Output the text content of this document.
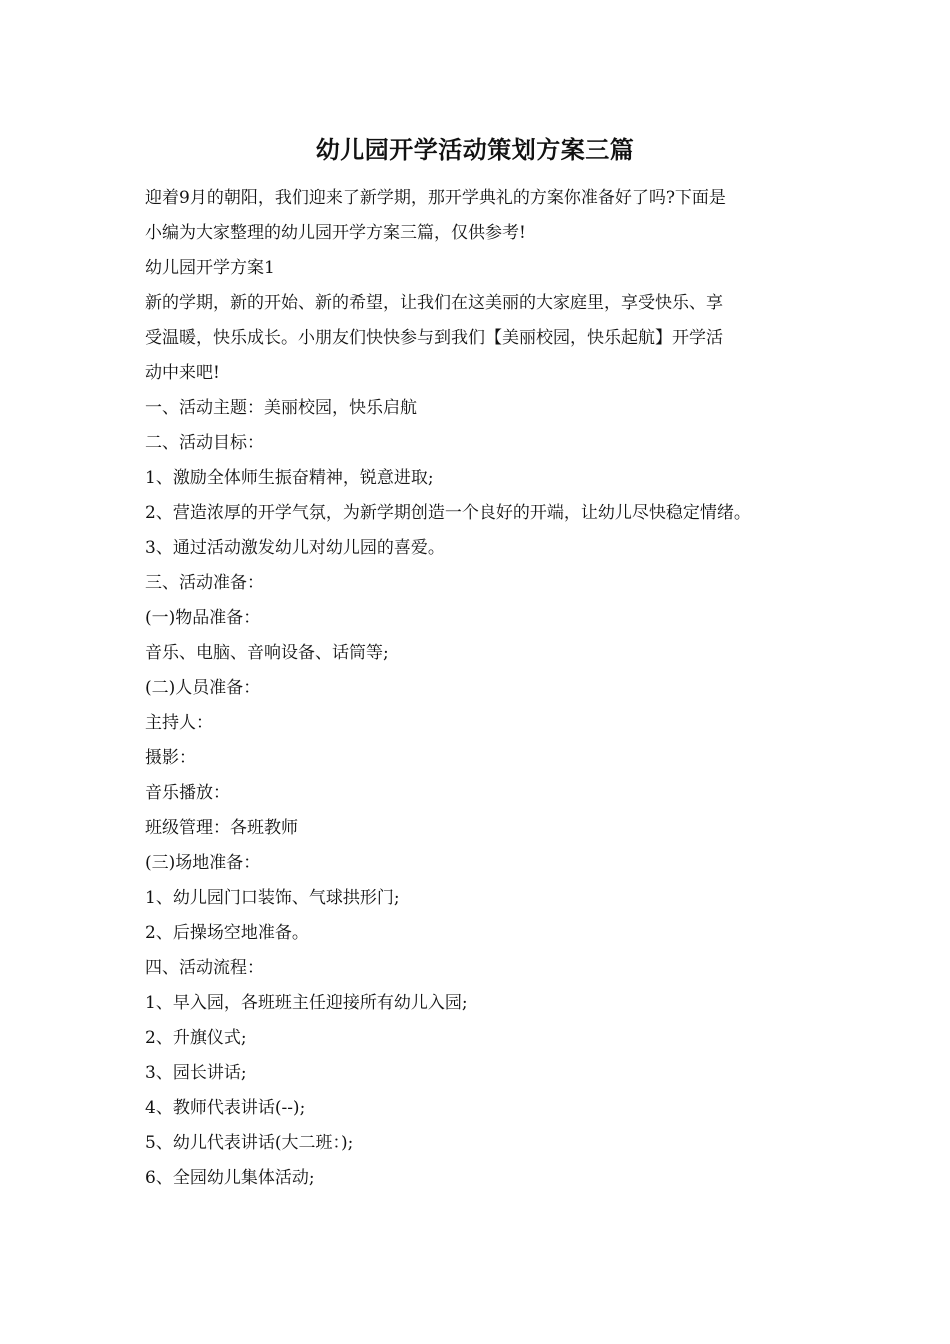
幼儿园开学活动策划方案三篇

迎着9月的朝阳，我们迎来了新学期，那开学典礼的方案你准备好了吗?下面是

小编为大家整理的幼儿园开学方案三篇，仅供参考!

幼儿园开学方案1

新的学期，新的开始、新的希望，让我们在这美丽的大家庭里，享受快乐、享

受温暖，快乐成长。小朋友们快快参与到我们【美丽校园，快乐起航】开学活

动中来吧!

一、活动主题：美丽校园，快乐启航

二、活动目标：

1、激励全体师生振奋精神，锐意进取;

2、营造浓厚的开学气氛，为新学期创造一个良好的开端，让幼儿尽快稳定情绪。

3、通过活动激发幼儿对幼儿园的喜爱。

三、活动准备：

(一)物品准备：

音乐、电脑、音响设备、话筒等;

(二)人员准备：

主持人：

摄影：

音乐播放：

班级管理：各班教师

(三)场地准备：

1、幼儿园门口装饰、气球拱形门;

2、后操场空地准备。

四、活动流程：

1、早入园，各班班主任迎接所有幼儿入园;

2、升旗仪式;

3、园长讲话;

4、教师代表讲话(--);

5、幼儿代表讲话(大二班：);

6、全园幼儿集体活动;
